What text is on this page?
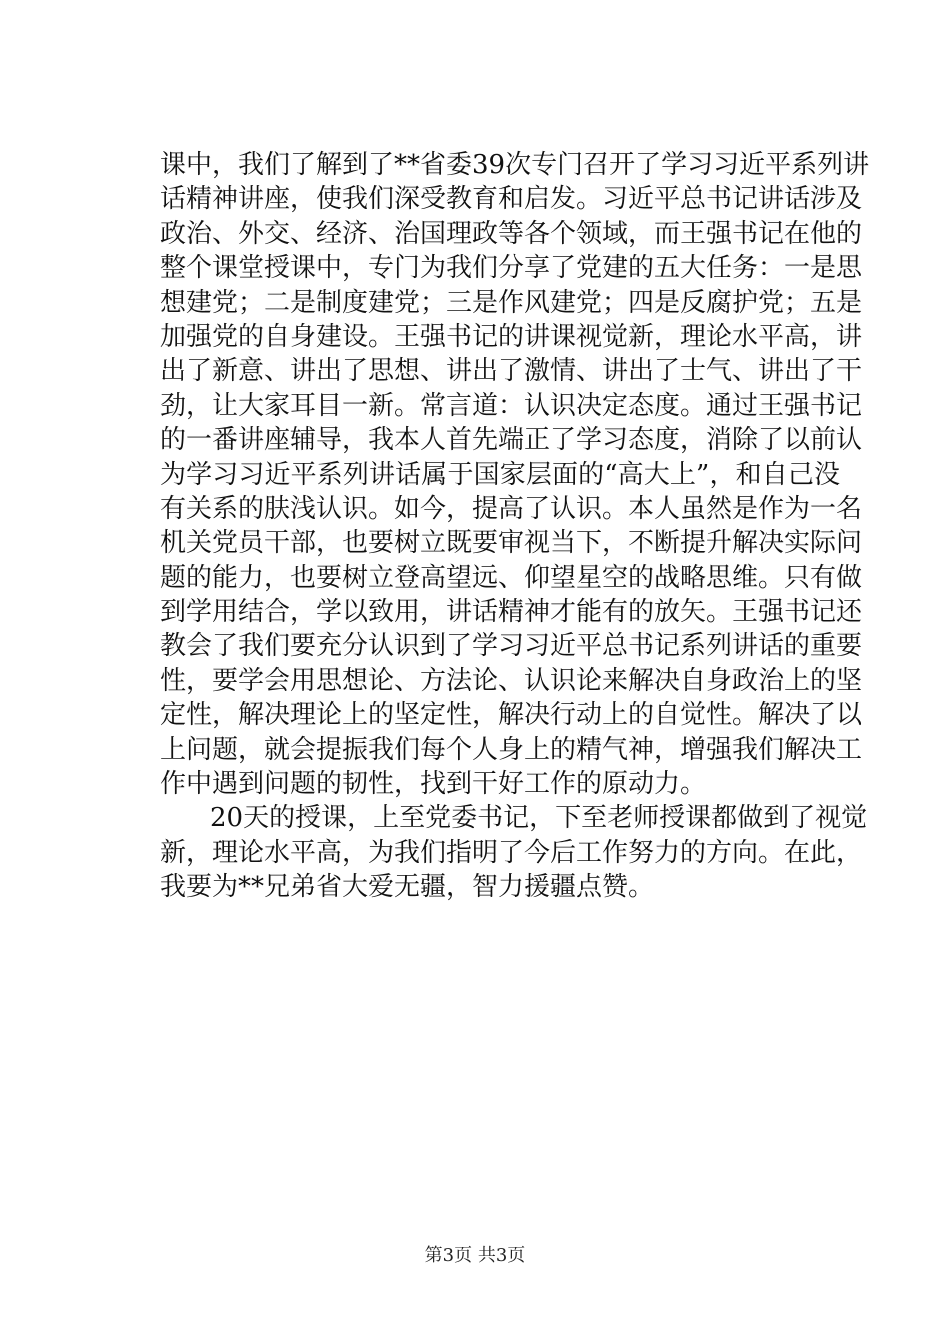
课中，我们了解到了**省委39次专门召开了学习习近平系列讲
话精神讲座，使我们深受教育和启发。习近平总书记讲话涉及
政治、外交、经济、治国理政等各个领域，而王强书记在他的
整个课堂授课中，专门为我们分享了党建的五大任务：一是思
想建党；二是制度建党；三是作风建党；四是反腐护党；五是
加强党的自身建设。王强书记的讲课视觉新，理论水平高，讲
出了新意、讲出了思想、讲出了激情、讲出了士气、讲出了干
劲，让大家耳目一新。常言道：认识决定态度。通过王强书记
的一番讲座辅导，我本人首先端正了学习态度，消除了以前认
为学习习近平系列讲话属于国家层面的“高大上”，和自己没
有关系的肤浅认识。如今，提高了认识。本人虽然是作为一名
机关党员干部，也要树立既要审视当下，不断提升解决实际问
题的能力，也要树立登高望远、仰望星空的战略思维。只有做
到学用结合，学以致用，讲话精神才能有的放矢。王强书记还
教会了我们要充分认识到了学习习近平总书记系列讲话的重要
性，要学会用思想论、方法论、认识论来解决自身政治上的坚
定性，解决理论上的坚定性，解决行动上的自觉性。解决了以
上问题，就会提振我们每个人身上的精气神，增强我们解决工
作中遇到问题的韧性，找到干好工作的原动力。
20天的授课，上至党委书记，下至老师授课都做到了视觉
新，理论水平高，为我们指明了今后工作努力的方向。在此，
我要为**兄弟省大爱无疆，智力援疆点赞。
第3页 共3页
